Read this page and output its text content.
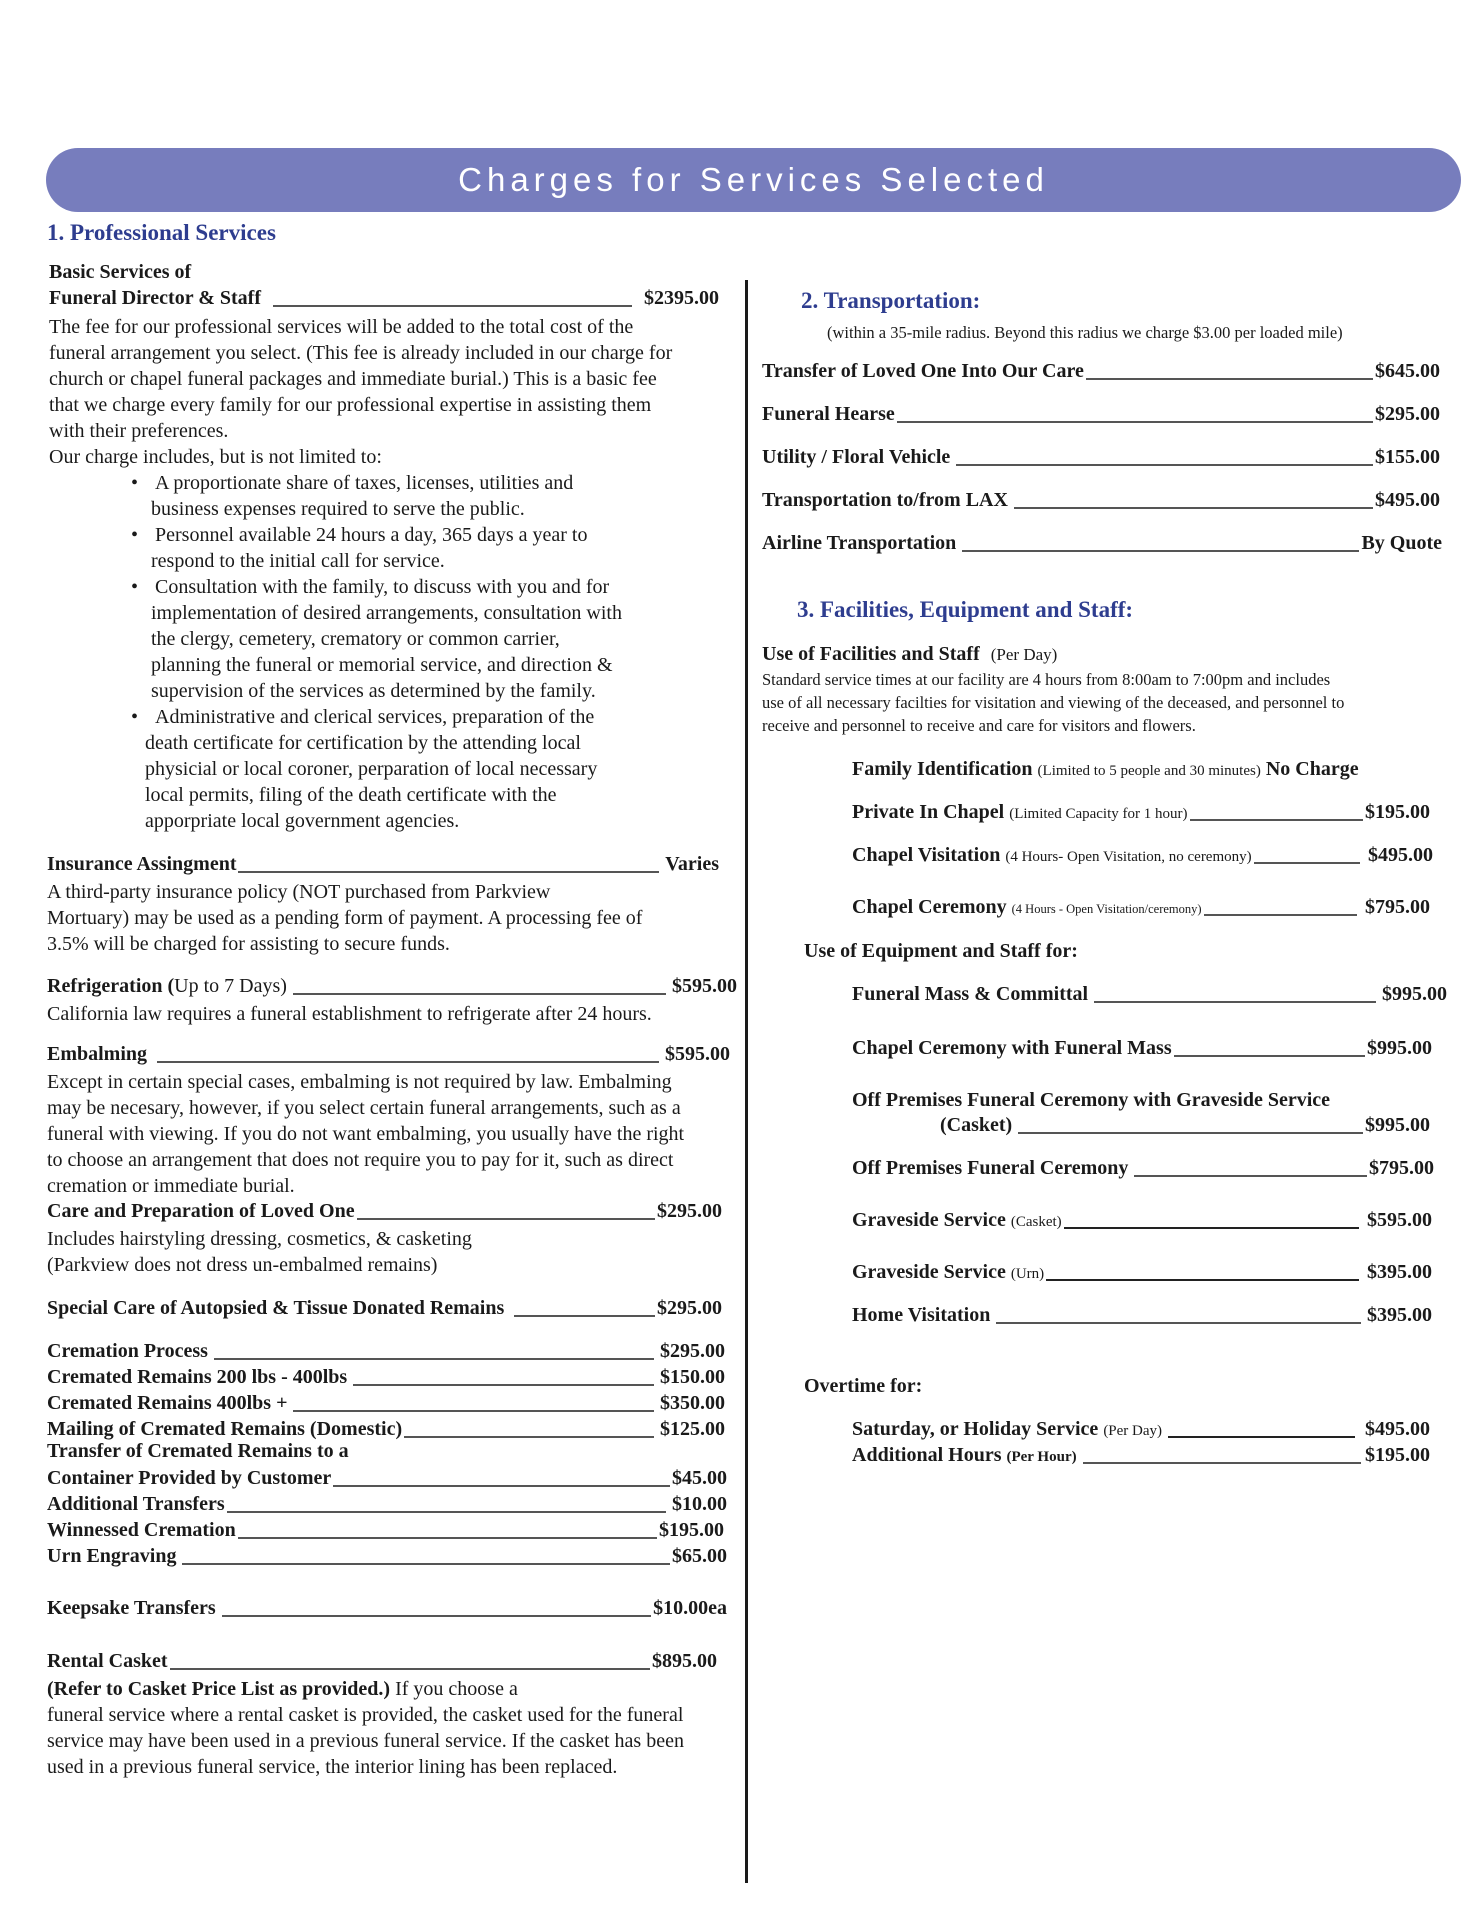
Charges for Services Selected
1. Professional Services
Basic Services of
Funeral Director & Staff	$2395.00

The fee for our professional services will be added to the total cost of the

funeral arrangement you select. (This fee is already included in our charge for

church or chapel funeral packages and immediate burial.) This is a basic fee

that we charge every family for our professional expertise in assisting them

with their preferences.

Our charge includes, but is not limited to:

• A proportionate share of taxes, licenses, utilities and
business expenses required to serve the public.
• Personnel available 24 hours a day, 365 days a year to
respond to the initial call for service.
• Consultation with the family, to discuss with you and for
implementation of desired arrangements, consultation with
the clergy, cemetery, crematory or common carrier,
planning the funeral or memorial service, and direction &
supervision of the services as determined by the family.
• Administrative and clerical services, preparation of the
death certificate for certification by the attending local
physicial or local coroner, perparation of local necessary
local permits, filing of the death certificate with the
apporpriate local government agencies.
Insurance Assingment	Varies

A third-party insurance policy (NOT purchased from Parkview

Mortuary) may be used as a pending form of payment. A processing fee of

3.5% will be charged for assisting to secure funds.

Refrigeration ( Up to 7 Days)	$595.00
California law requires a funeral establishment to refrigerate after 24 hours.
Embalming	$595.00

Except in certain special cases, embalming is not required by law. Embalming

may be necesary, however, if you select certain funeral arrangements, such as a

funeral with viewing. If you do not want embalming, you usually have the right

to choose an arrangement that does not require you to pay for it, such as direct

cremation or immediate burial.

Care and Preparation of Loved One	$295.00

Includes hairstyling dressing, cosmetics, & casketing

(Parkview does not dress un-embalmed remains)

Special Care of Autopsied & Tissue Donated Remains	$295.00
Cremation Process	$295.00
Cremated Remains 200 lbs - 400lbs	$150.00
Cremated Remains 400lbs +	$350.00
Mailing of Cremated Remains (Domestic)	$125.00
Transfer of Cremated Remains to a
Container Provided by Customer	$45.00
Additional Transfers	$10.00
Winnessed Cremation	$195.00
Urn Engraving	$65.00
Keepsake Transfers	$10.00ea
Rental Casket	$895.00

(Refer to Casket Price List as provided.) If you choose a

funeral service where a rental casket is provided, the casket used for the funeral

service may have been used in a previous funeral service. If the casket has been

used in a previous funeral service, the interior lining has been replaced.

2. Transportation:
(within a 35-mile radius. Beyond this radius we charge $3.00 per loaded mile)
Transfer of Loved One Into Our Care	$645.00
Funeral Hearse	$295.00
Utility / Floral Vehicle	$155.00
Transportation to/from LAX	$495.00
Airline Transportation	By Quote
3. Facilities, Equipment and Staff:
Use of Facilities and Staff (Per Day)
Standard service times at our facility are 4 hours from 8:00am to 7:00pm and includes
use of all necessary facilties for visitation and viewing of the deceased, and personnel to
receive and personnel to receive and care for visitors and flowers.
Family Identification (Limited to 5 people and 30 minutes) No Charge
Private In Chapel (Limited Capacity for 1 hour)	$195.00
Chapel Visitation (4 Hours- Open Visitation, no ceremony)	$495.00
Chapel Ceremony (4 Hours - Open Visitation/ceremony)	$795.00
Use of Equipment and Staff for:
Funeral Mass & Committal	$995.00
Chapel Ceremony with Funeral Mass	$995.00
Off Premises Funeral Ceremony with Graveside Service
(Casket)	$995.00
Off Premises Funeral Ceremony	$795.00
Graveside Service (Casket)	$595.00
Graveside Service (Urn)	$395.00
Home Visitation	$395.00
Overtime for:
Saturday, or Holiday Service (Per Day)	$495.00
Additional Hours (Per Hour)	$195.00
